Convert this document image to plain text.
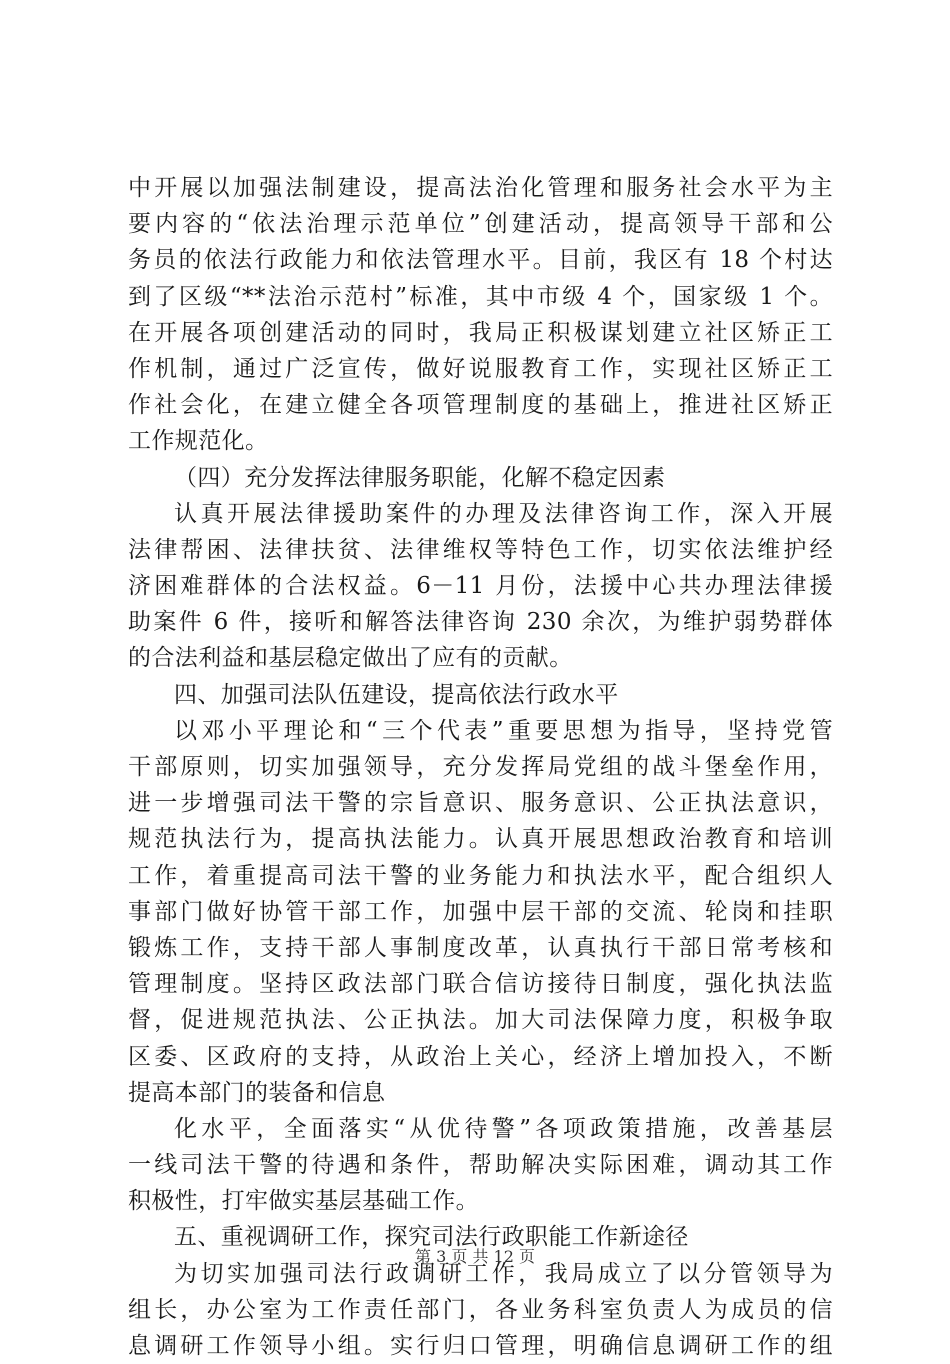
中开展以加强法制建设，提高法治化管理和服务社会水平为主
要内容的“依法治理示范单位”创建活动，提高领导干部和公
务员的依法行政能力和依法管理水平。目前，我区有 18 个村达
到了区级“**法治示范村”标准，其中市级 4 个，国家级 1 个。
在开展各项创建活动的同时，我局正积极谋划建立社区矫正工
作机制，通过广泛宣传，做好说服教育工作，实现社区矫正工
作社会化，在建立健全各项管理制度的基础上，推进社区矫正
工作规范化。
（四）充分发挥法律服务职能，化解不稳定因素
认真开展法律援助案件的办理及法律咨询工作，深入开展
法律帮困、法律扶贫、法律维权等特色工作，切实依法维护经
济困难群体的合法权益。6－11 月份，法援中心共办理法律援
助案件 6 件，接听和解答法律咨询 230 余次，为维护弱势群体
的合法利益和基层稳定做出了应有的贡献。
四、加强司法队伍建设，提高依法行政水平
以邓小平理论和“三个代表”重要思想为指导，坚持党管
干部原则，切实加强领导，充分发挥局党组的战斗堡垒作用，
进一步增强司法干警的宗旨意识、服务意识、公正执法意识，
规范执法行为，提高执法能力。认真开展思想政治教育和培训
工作，着重提高司法干警的业务能力和执法水平，配合组织人
事部门做好协管干部工作，加强中层干部的交流、轮岗和挂职
锻炼工作，支持干部人事制度改革，认真执行干部日常考核和
管理制度。坚持区政法部门联合信访接待日制度，强化执法监
督，促进规范执法、公正执法。加大司法保障力度，积极争取
区委、区政府的支持，从政治上关心，经济上增加投入，不断
提高本部门的装备和信息
化水平，全面落实“从优待警”各项政策措施，改善基层
一线司法干警的待遇和条件，帮助解决实际困难，调动其工作
积极性，打牢做实基层基础工作。
五、重视调研工作，探究司法行政职能工作新途径
为切实加强司法行政调研工作，我局成立了以分管领导为
组长，办公室为工作责任部门，各业务科室负责人为成员的信
息调研工作领导小组。实行归口管理，明确信息调研工作的组
第 3 页 共 12 页
